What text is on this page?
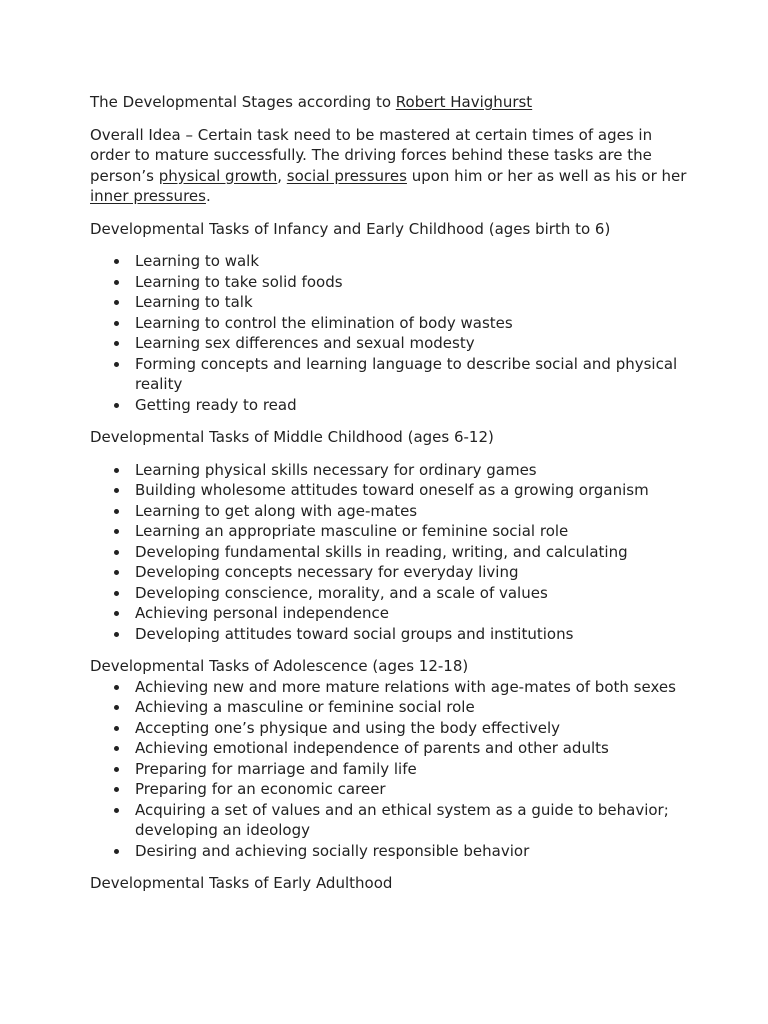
The Developmental Stages according to Robert Havighurst

Overall Idea – Certain task need to be mastered at certain times of ages in order to mature successfully. The driving forces behind these tasks are the person’s physical growth, social pressures upon him or her as well as his or her inner pressures.

Developmental Tasks of Infancy and Early Childhood (ages birth to 6)

Learning to walk
Learning to take solid foods
Learning to talk
Learning to control the elimination of body wastes
Learning sex differences and sexual modesty
Forming concepts and learning language to describe social and physical reality
Getting ready to read

Developmental Tasks of Middle Childhood (ages 6-12)

Learning physical skills necessary for ordinary games
Building wholesome attitudes toward oneself as a growing organism
Learning to get along with age-mates
Learning an appropriate masculine or feminine social role
Developing fundamental skills in reading, writing, and calculating
Developing concepts necessary for everyday living
Developing conscience, morality, and a scale of values
Achieving personal independence
Developing attitudes toward social groups and institutions

Developmental Tasks of Adolescence (ages 12-18)

Achieving new and more mature relations with age-mates of both sexes
Achieving a masculine or feminine social role
Accepting one’s physique and using the body effectively
Achieving emotional independence of parents and other adults
Preparing for marriage and family life
Preparing for an economic career
Acquiring a set of values and an ethical system as a guide to behavior; developing an ideology
Desiring and achieving socially responsible behavior

Developmental Tasks of Early Adulthood
